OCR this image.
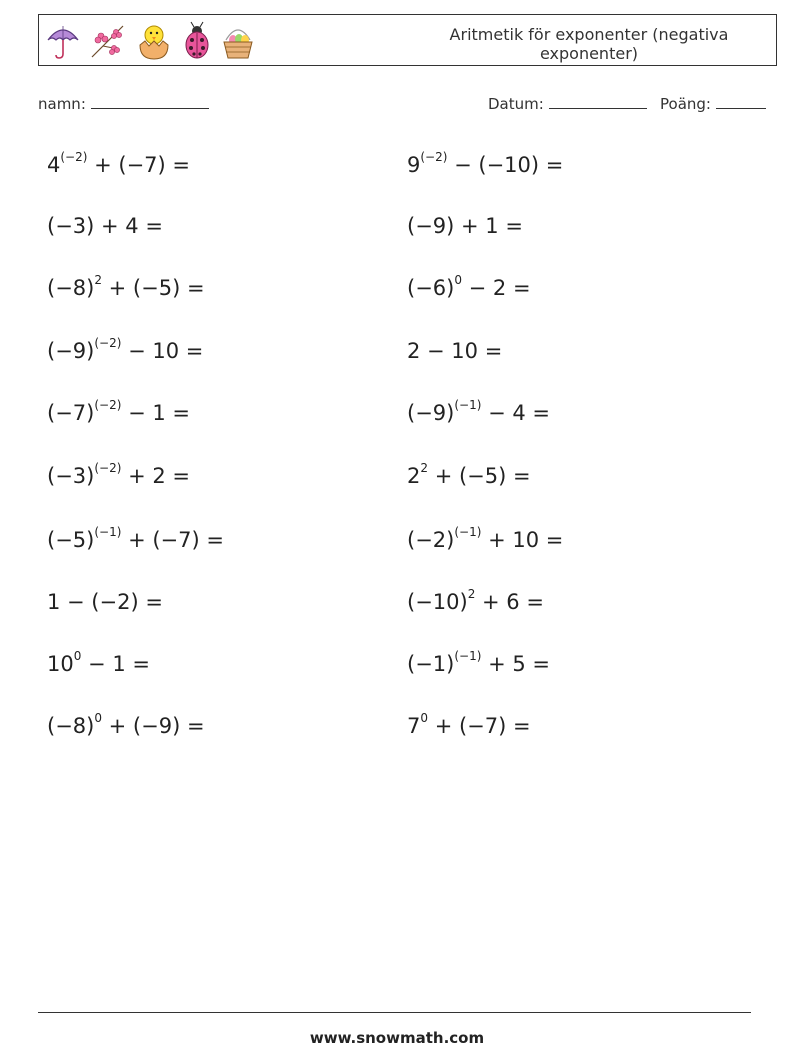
Aritmetik för exponenter (negativa exponenter)
namn:	Datum:	Poäng:
$4^{(-2)} + (-7)$ =	$9^{(-2)} - (-10)$ =
(−3) + 4 =	(−9) + 1 =
$(-8)^2 + (-5)$ =	$(-6)^0 - 2$ =
$(-9)^{(-2)} - 10$ =	2 − 10 =
$(-7)^{(-2)} - 1$ =	$(-9)^{(-1)} - 4$ =
$(-3)^{(-2)} + 2$ =	$2^2 + (-5)$ =
$(-5)^{(-1)} + (-7)$ =	$(-2)^{(-1)} + 10$ =
1 − (−2) =	$(-10)^2 + 6$ =
$10^0 - 1$ =	$(-1)^{(-1)} + 5$ =
$(-8)^0 + (-9)$ =	$7^0 + (-7)$ =
www.snowmath.com
